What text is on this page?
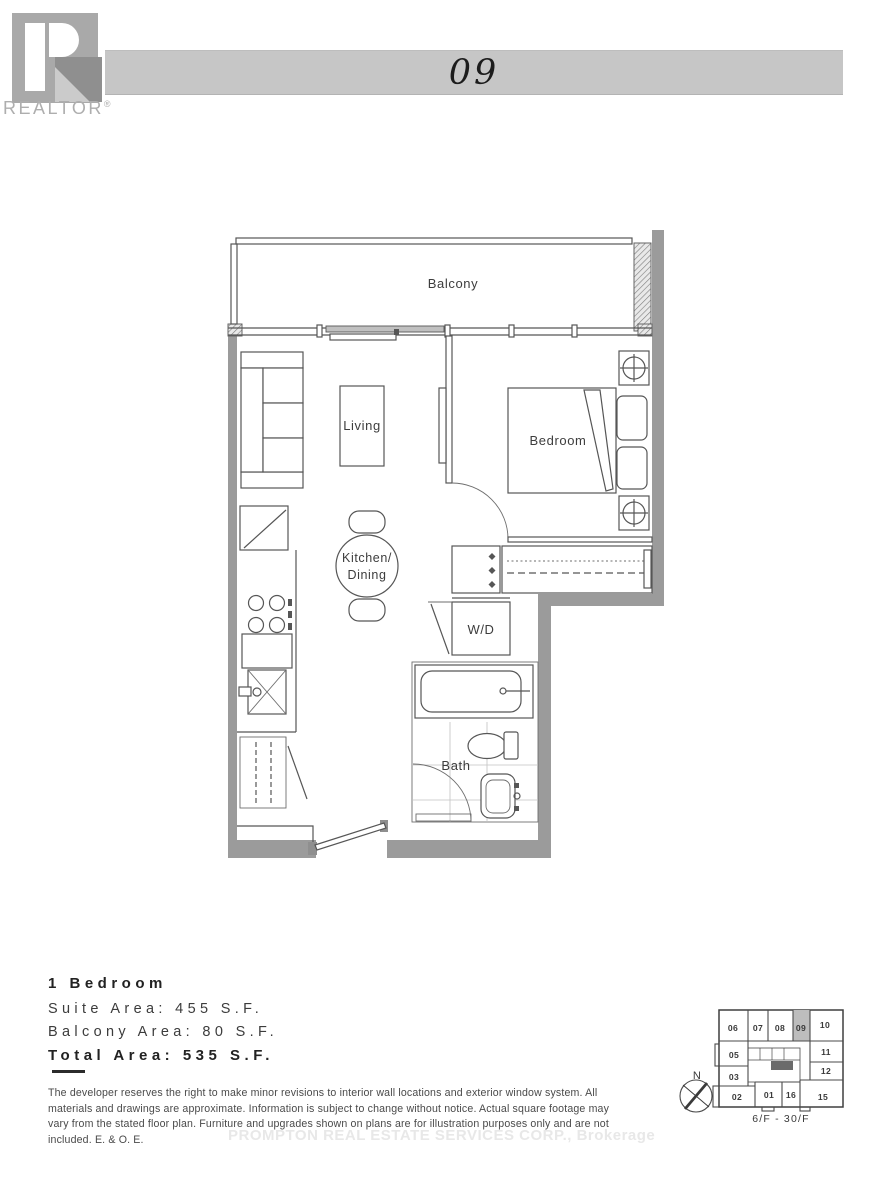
REALTOR®
09
Balcony
Living
Bedroom
W/D
Bath
Kitchen/
Dining
1 Bedroom
Suite Area: 455 S.F.
Balcony Area: 80 S.F.
Total Area: 535 S.F.
The developer reserves the right to make minor revisions to interior wall locations and exterior window system. All materials and drawings are approximate. Information is subject to change without notice. Actual square footage may vary from the stated floor plan. Furniture and upgrades shown on plans are for illustration purposes only and are not included. E. & O. E.	PROMPTON REAL ESTATE SERVICES CORP., Brokerage
N
06 07 08 09 10
05	11
03
12
02	01 16	15
6/F - 30/F
